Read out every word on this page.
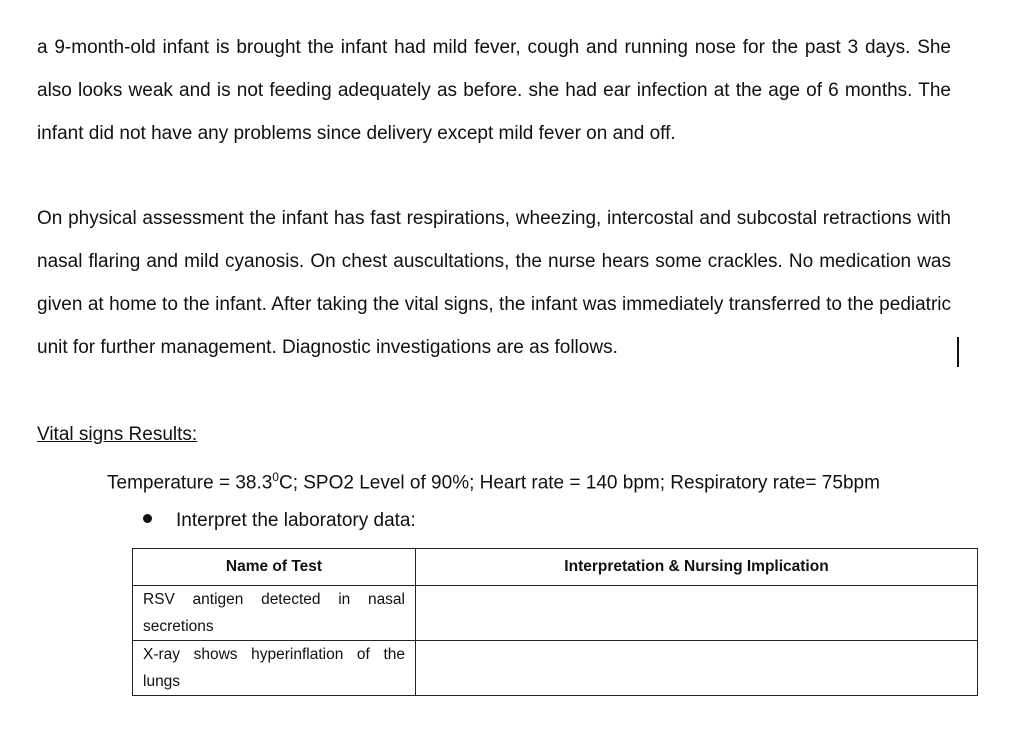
a 9-month-old infant is brought the infant had mild fever, cough and running nose for the past 3 days. She also looks weak and is not feeding adequately as before. she had ear infection at the age of 6 months. The infant did not have any problems since delivery except mild fever on and off.

On physical assessment the infant has fast respirations, wheezing, intercostal and subcostal retractions with nasal flaring and mild cyanosis. On chest auscultations, the nurse hears some crackles. No medication was given at home to the infant. After taking the vital signs, the infant was immediately transferred to the pediatric unit for further management. Diagnostic investigations are as follows.

Vital signs Results:

Temperature = $38.3^0C$; SPO2 Level of 90%; Heart rate = 140 bpm; Respiratory rate= 75bpm

Interpret the laboratory data:
Name of Test	Interpretation & Nursing Implication
RSV antigen detected in nasal secretions	
X-ray shows hyperinflation of the lungs	
